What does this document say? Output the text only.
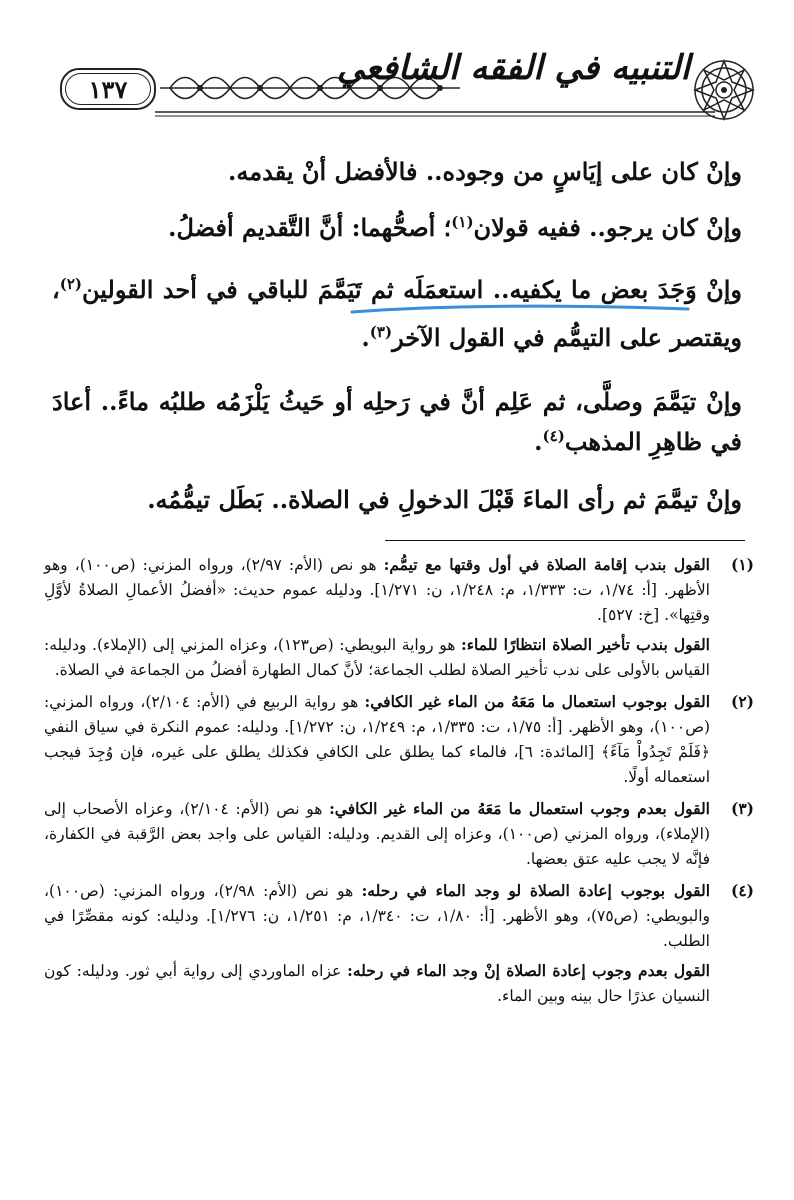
١٣٧
التنبيه في الفقه الشافعي

وإنْ كان على إيَاسٍ من وجوده.. فالأفضل أنْ يقدمه.

وإنْ كان يرجو.. ففيه قولان$^{(١)}$؛ أصحُّهما: أنَّ التَّقديم أفضلُ.

وإنْ وَجَدَ بعض ما يكفيه.. استعمَلَه ثم تَيَمَّمَ للباقي في أحد القولين$^{(٢)}$، ويقتصر على التيمُّم في القول الآخر$^{(٣)}$.

وإنْ تيَمَّمَ وصلَّى، ثم عَلِم أنَّ في رَحلِه أو حَيثُ يَلْزَمُه طلبُه ماءً.. أعادَ في ظاهِرِ المذهب$^{(٤)}$.

وإنْ تيمَّمَ ثم رأى الماءَ قَبْلَ الدخولِ في الصلاة.. بَطَل تيمُّمُه.

(١)

القول بندب إقامة الصلاة في أول وقتها مع تيمُّم: هو نص (الأم: ٢/٩٧)، ورواه المزني: (ص١٠٠)، وهو الأظهر. [أ: ١/٧٤، ت: ١/٣٣٣، م: ١/٢٤٨، ن: ١/٢٧١]. ودليله عموم حديث: «أفضلُ الأعمالِ الصلاةُ لأوَّلِ وقتِها». [خ: ٥٢٧].

القول بندب تأخير الصلاة انتظارًا للماء: هو رواية البويطي: (ص١٢٣)، وعزاه المزني إلى (الإملاء). ودليله: القياس بالأولى على ندب تأخير الصلاة لطلب الجماعة؛ لأنَّ كمال الطهارة أفضلُ من الجماعة في الصلاة.

(٢)

القول بوجوب استعمال ما مَعَهُ من الماء غير الكافي: هو رواية الربيع في (الأم: ٢/١٠٤)، ورواه المزني: (ص١٠٠)، وهو الأظهر. [أ: ١/٧٥، ت: ١/٣٣٥، م: ١/٢٤٩، ن: ١/٢٧٢]. ودليله: عموم النكرة في سياق النفي ﴿فَلَمْ تَجِدُواْ مَآءً﴾ [المائدة: ٦]، فالماء كما يطلق على الكافي فكذلك يطلق على غيره، فإن وُجِدَ فيجب استعماله أولًا.

(٣)

القول بعدم وجوب استعمال ما مَعَهُ من الماء غير الكافي: هو نص (الأم: ٢/١٠٤)، وعزاه الأصحاب إلى (الإملاء)، ورواه المزني (ص١٠٠)، وعزاه إلى القديم. ودليله: القياس على واجد بعض الرَّقبة في الكفارة، فإنَّه لا يجب عليه عتق بعضها.

(٤)

القول بوجوب إعادة الصلاة لو وجد الماء في رحله: هو نص (الأم: ٢/٩٨)، ورواه المزني: (ص١٠٠)، والبويطي: (ص٧٥)، وهو الأظهر. [أ: ١/٨٠، ت: ١/٣٤٠، م: ١/٢٥١، ن: ١/٢٧٦]. ودليله: كونه مقصِّرًا في الطلب.

القول بعدم وجوب إعادة الصلاة إنْ وجد الماء في رحله: عزاه الماوردي إلى رواية أبي ثور. ودليله: كون النسيان عذرًا حال بينه وبين الماء.
